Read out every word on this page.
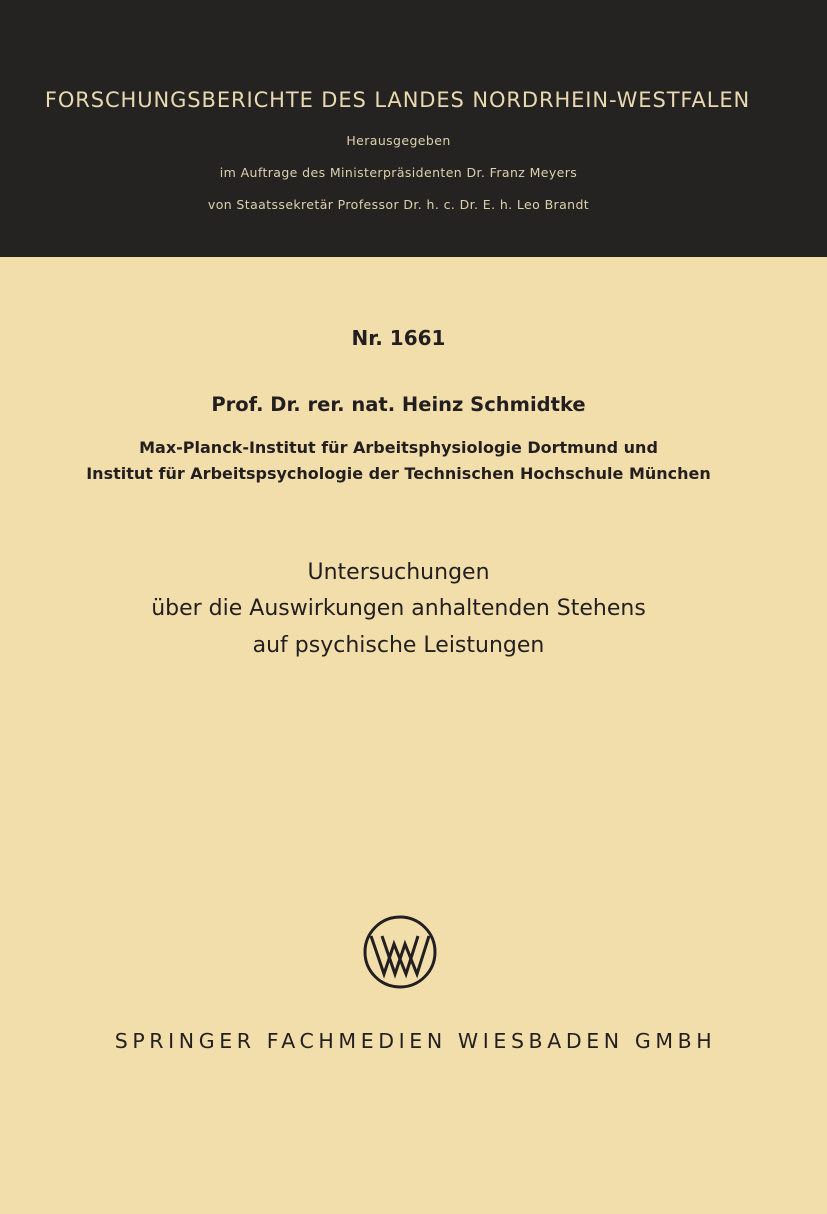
FORSCHUNGSBERICHTE DES LANDES NORDRHEIN-WESTFALEN
Herausgegeben
im Auftrage des Ministerpräsidenten Dr. Franz Meyers
von Staatssekretär Professor Dr. h. c. Dr. E. h. Leo Brandt
Nr. 1661
Prof. Dr. rer. nat. Heinz Schmidtke
Max-Planck-Institut für Arbeitsphysiologie Dortmund und
Institut für Arbeitspsychologie der Technischen Hochschule München
Untersuchungen
über die Auswirkungen anhaltenden Stehens
auf psychische Leistungen
SPRINGER FACHMEDIEN WIESBADEN GMBH
